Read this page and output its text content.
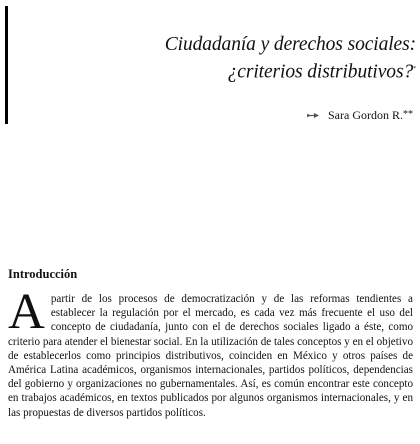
Ciudadanía y derechos sociales:
¿criterios distributivos?*
Sara Gordon R. **
Introducción

Apartir de los procesos de democratización y de las reformas tendientes a establecer la regulación por el mercado, es cada vez más frecuente el uso del concepto de ciudadanía, junto con el de derechos sociales ligado a éste, como criterio para atender el bienestar social. En la utilización de tales conceptos y en el objetivo de establecerlos como principios distributivos, coinciden en México y otros países de América Latina académicos, organismos internacionales, partidos políticos, dependencias del gobierno y organizaciones no gubernamentales. Así, es común encontrar este concepto en trabajos académicos, en textos publicados por algunos organismos internacionales, y en las propuestas de diversos partidos políticos.
